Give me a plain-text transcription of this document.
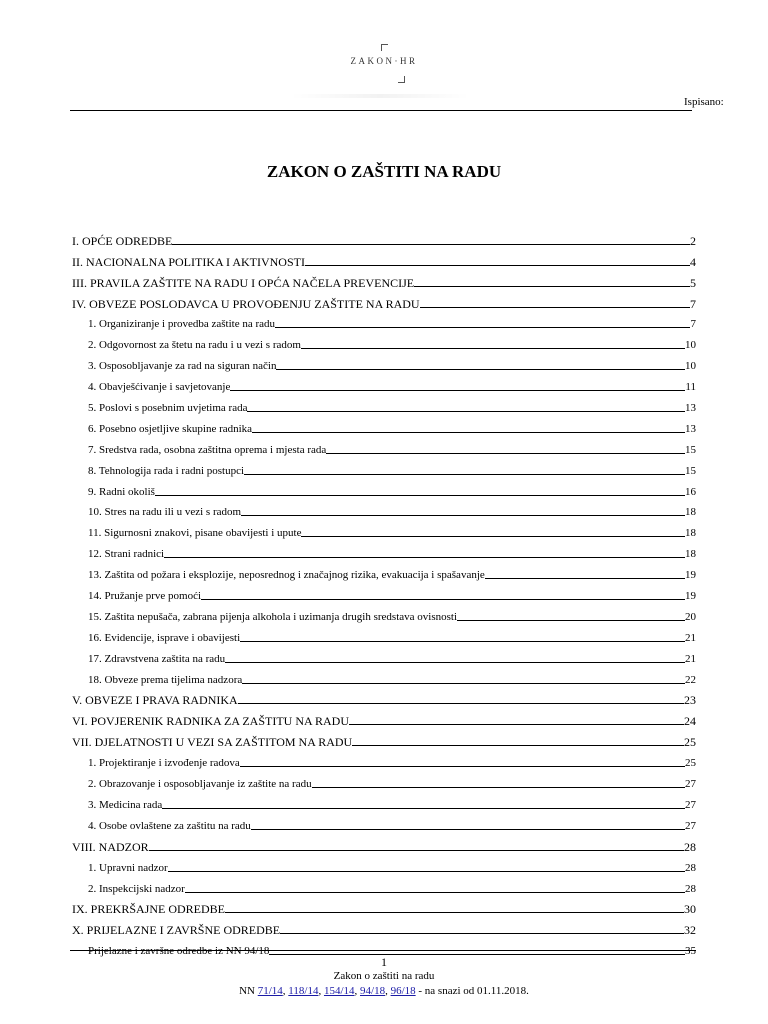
ZAKON·HR
Ispisano:
ZAKON O ZAŠTITI NA RADU
I. OPĆE ODREDBE	2
II. NACIONALNA POLITIKA I AKTIVNOSTI	4
III. PRAVILA ZAŠTITE NA RADU I OPĆA NAČELA PREVENCIJE	5
IV. OBVEZE POSLODAVCA U PROVOĐENJU ZAŠTITE NA RADU	7
1. Organiziranje i provedba zaštite na radu	7
2. Odgovornost za štetu na radu i u vezi s radom	10
3. Osposobljavanje za rad na siguran način	10
4. Obavješćivanje i savjetovanje	11
5. Poslovi s posebnim uvjetima rada	13
6. Posebno osjetljive skupine radnika	13
7. Sredstva rada, osobna zaštitna oprema i mjesta rada	15
8. Tehnologija rada i radni postupci	15
9. Radni okoliš	16
10. Stres na radu ili u vezi s radom	18
11. Sigurnosni znakovi, pisane obavijesti i upute	18
12. Strani radnici	18
13. Zaštita od požara i eksplozije, neposrednog i značajnog rizika, evakuacija i spašavanje	19
14. Pružanje prve pomoći	19
15. Zaštita nepušača, zabrana pijenja alkohola i uzimanja drugih sredstava ovisnosti	20
16. Evidencije, isprave i obavijesti	21
17. Zdravstvena zaštita na radu	21
18. Obveze prema tijelima nadzora	22
V. OBVEZE I PRAVA RADNIKA	23
VI. POVJERENIK RADNIKA ZA ZAŠTITU NA RADU	24
VII. DJELATNOSTI U VEZI SA ZAŠTITOM NA RADU	25
1. Projektiranje i izvođenje radova	25
2. Obrazovanje i osposobljavanje iz zaštite na radu	27
3. Medicina rada	27
4. Osobe ovlaštene za zaštitu na radu	27
VIII. NADZOR	28
1. Upravni nadzor	28
2. Inspekcijski nadzor	28
IX. PREKRŠAJNE ODREDBE	30
X. PRIJELAZNE I ZAVRŠNE ODREDBE	32
Prijelazne i završne odredbe iz NN 94/18	35
1
Zakon o zaštiti na radu
NN 71/14, 118/14, 154/14, 94/18, 96/18 - na snazi od 01.11.2018.
